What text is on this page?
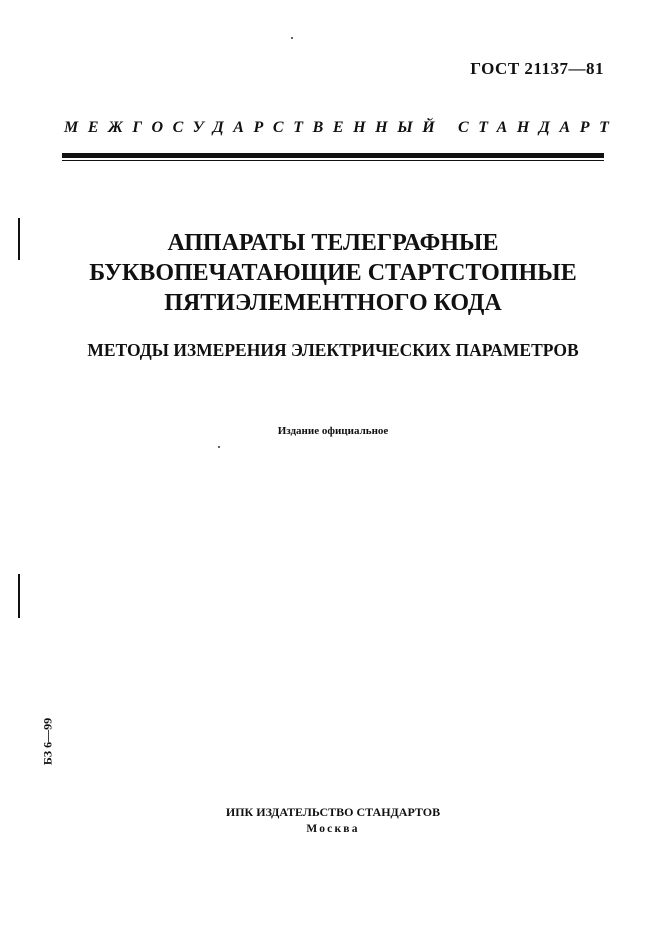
ГОСТ 21137—81
МЕЖГОСУДАРСТВЕННЫЙ СТАНДАРТ
АППАРАТЫ ТЕЛЕГРАФНЫЕ
БУКВОПЕЧАТАЮЩИЕ СТАРТСТОПНЫЕ
ПЯТИЭЛЕМЕНТНОГО КОДА
МЕТОДЫ ИЗМЕРЕНИЯ ЭЛЕКТРИЧЕСКИХ ПАРАМЕТРОВ
Издание официальное
БЗ 6—99
ИПК ИЗДАТЕЛЬСТВО СТАНДАРТОВ
Москва
